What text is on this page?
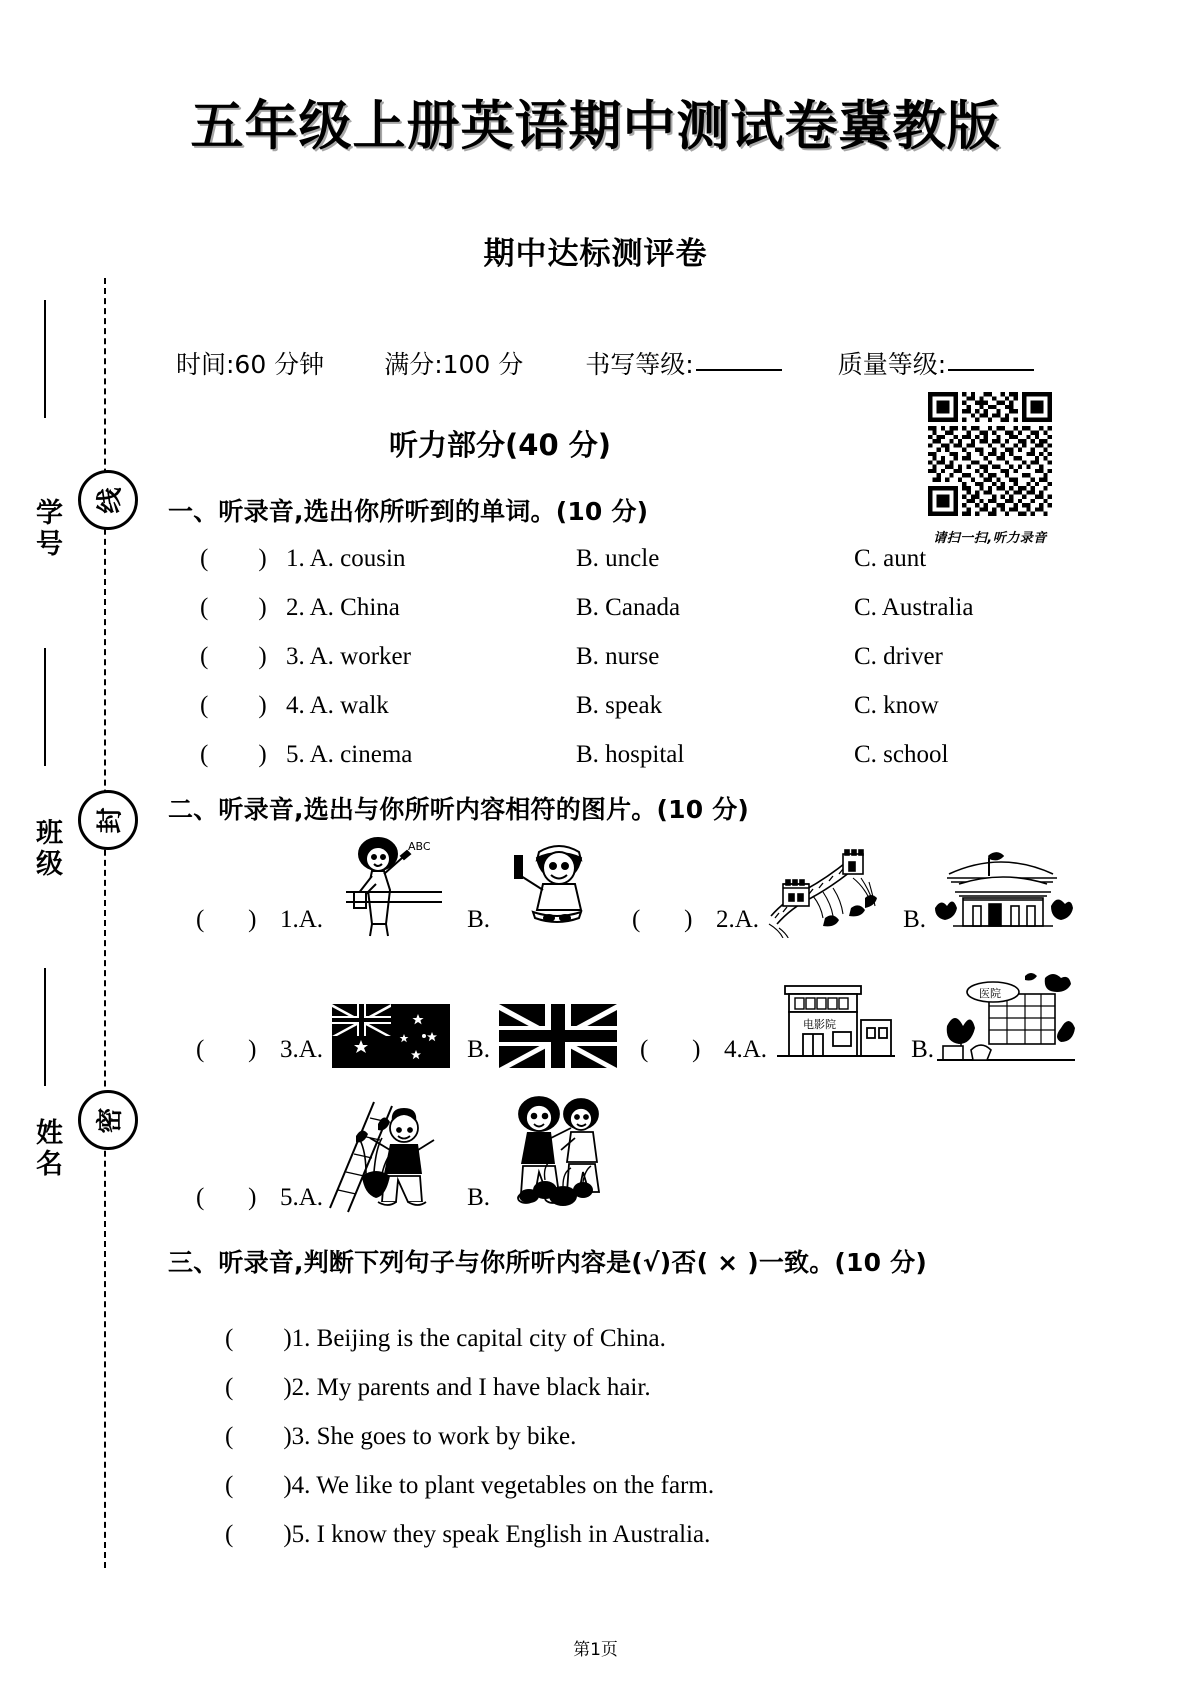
学号 线
班级 封
姓名 密
五年级上册英语期中测试卷冀教版
期中达标测评卷
时间:60 分钟 满分:100 分 书写等级:	质量等级:
听力部分(40 分)
请扫一扫,听力录音
一、听录音,选出你所听到的单词。(10 分)
(        ) 1. A. cousin	B. uncle	C. aunt
(        ) 2. A. China	B. Canada	C. Australia
(        ) 3. A. worker	B. nurse	C. driver
(        ) 4. A. walk	B. speak	C. know
(        ) 5. A. cinema	B. hospital	C. school
二、听录音,选出与你所听内容相符的图片。(10 分)
(       ) 1. A.
ABC
B.	(       ) 2. A.	B.
(       ) 3. A.	B.	(       ) 4. A.
电影院
B.
医院
(       ) 5. A.	B.
三、听录音,判断下列句子与你所听内容是(√)否( × )一致。(10 分)

(        )1. Beijing is the capital city of China.

(        )2. My parents and I have black hair.

(        )3. She goes to work by bike.

(        )4. We like to plant vegetables on the farm.

(        )5. I know they speak English in Australia.

第1页
